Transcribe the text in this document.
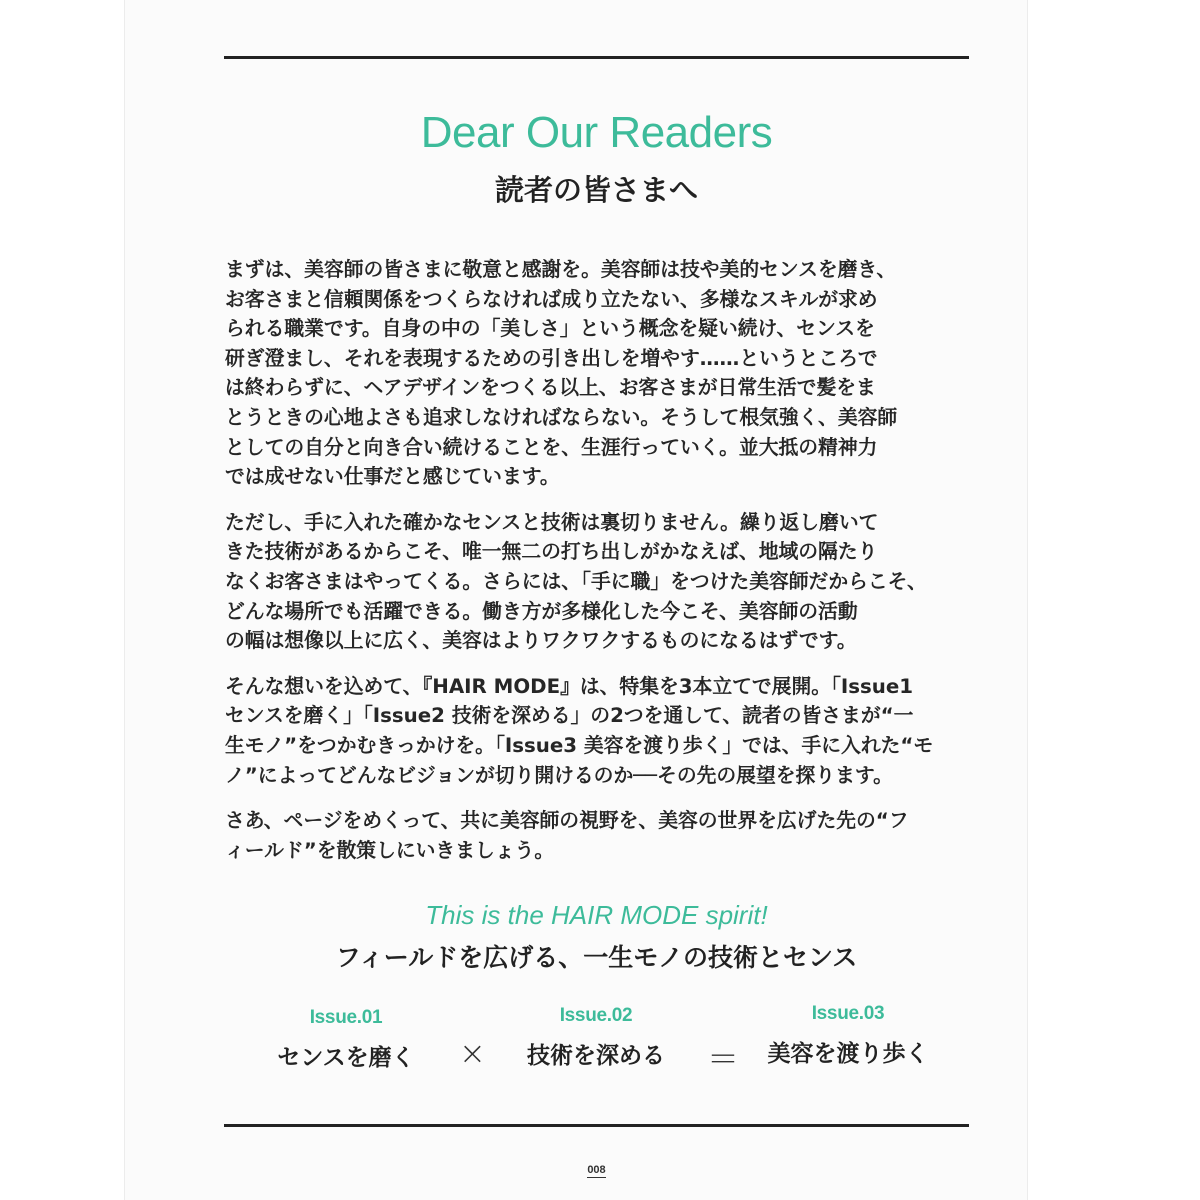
Dear Our Readers
読者の皆さまへ

まずは、美容師の皆さまに敬意と感謝を。美容師は技や美的センスを磨き、
お客さまと信頼関係をつくらなければ成り立たない、多様なスキルが求め
られる職業です。自身の中の「美しさ」という概念を疑い続け、センスを
研ぎ澄まし、それを表現するための引き出しを増やす……というところで
は終わらずに、ヘアデザインをつくる以上、お客さまが日常生活で髪をま
とうときの心地よさも追求しなければならない。そうして根気強く、美容師
としての自分と向き合い続けることを、生涯行っていく。並大抵の精神力
では成せない仕事だと感じています。

ただし、手に入れた確かなセンスと技術は裏切りません。繰り返し磨いて
きた技術があるからこそ、唯一無二の打ち出しがかなえば、地域の隔たり
なくお客さまはやってくる。さらには、「手に職」をつけた美容師だからこそ、
どんな場所でも活躍できる。働き方が多様化した今こそ、美容師の活動
の幅は想像以上に広く、美容はよりワクワクするものになるはずです。

そんな想いを込めて、『HAIR MODE』は、特集を3本立てで展開。「Issue1
センスを磨く」「Issue2 技術を深める」の2つを通して、読者の皆さまが“一
生モノ”をつかむきっかけを。「Issue3 美容を渡り歩く」では、手に入れた“モ
ノ”によってどんなビジョンが切り開けるのか──その先の展望を探ります。

さあ、ページをめくって、共に美容師の視野を、美容の世界を広げた先の“フ
ィールド”を散策しにいきましょう。

This is the HAIR MODE spirit!
フィールドを広げる、一生モノの技術とセンス
Issue.01
センスを磨く	×
Issue.02
技術を深める	＝
Issue.03
美容を渡り歩く
008
